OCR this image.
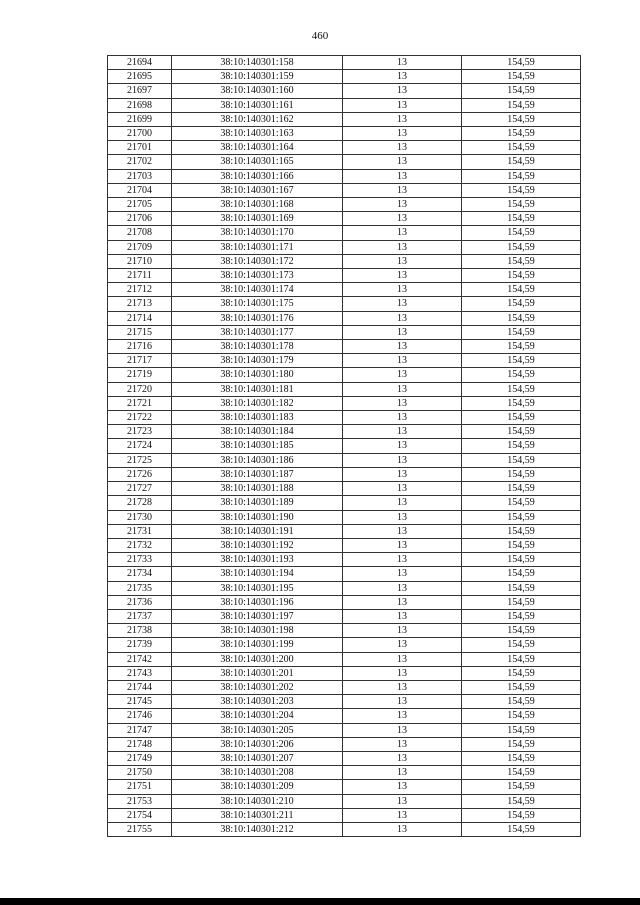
460
21694	38:10:140301:158	13	154,59
21695	38:10:140301:159	13	154,59
21697	38:10:140301:160	13	154,59
21698	38:10:140301:161	13	154,59
21699	38:10:140301:162	13	154,59
21700	38:10:140301:163	13	154,59
21701	38:10:140301:164	13	154,59
21702	38:10:140301:165	13	154,59
21703	38:10:140301:166	13	154,59
21704	38:10:140301:167	13	154,59
21705	38:10:140301:168	13	154,59
21706	38:10:140301:169	13	154,59
21708	38:10:140301:170	13	154,59
21709	38:10:140301:171	13	154,59
21710	38:10:140301:172	13	154,59
21711	38:10:140301:173	13	154,59
21712	38:10:140301:174	13	154,59
21713	38:10:140301:175	13	154,59
21714	38:10:140301:176	13	154,59
21715	38:10:140301:177	13	154,59
21716	38:10:140301:178	13	154,59
21717	38:10:140301:179	13	154,59
21719	38:10:140301:180	13	154,59
21720	38:10:140301:181	13	154,59
21721	38:10:140301:182	13	154,59
21722	38:10:140301:183	13	154,59
21723	38:10:140301:184	13	154,59
21724	38:10:140301:185	13	154,59
21725	38:10:140301:186	13	154,59
21726	38:10:140301:187	13	154,59
21727	38:10:140301:188	13	154,59
21728	38:10:140301:189	13	154,59
21730	38:10:140301:190	13	154,59
21731	38:10:140301:191	13	154,59
21732	38:10:140301:192	13	154,59
21733	38:10:140301:193	13	154,59
21734	38:10:140301:194	13	154,59
21735	38:10:140301:195	13	154,59
21736	38:10:140301:196	13	154,59
21737	38:10:140301:197	13	154,59
21738	38:10:140301:198	13	154,59
21739	38:10:140301:199	13	154,59
21742	38:10:140301:200	13	154,59
21743	38:10:140301:201	13	154,59
21744	38:10:140301:202	13	154,59
21745	38:10:140301:203	13	154,59
21746	38:10:140301:204	13	154,59
21747	38:10:140301:205	13	154,59
21748	38:10:140301:206	13	154,59
21749	38:10:140301:207	13	154,59
21750	38:10:140301:208	13	154,59
21751	38:10:140301:209	13	154,59
21753	38:10:140301:210	13	154,59
21754	38:10:140301:211	13	154,59
21755	38:10:140301:212	13	154,59
